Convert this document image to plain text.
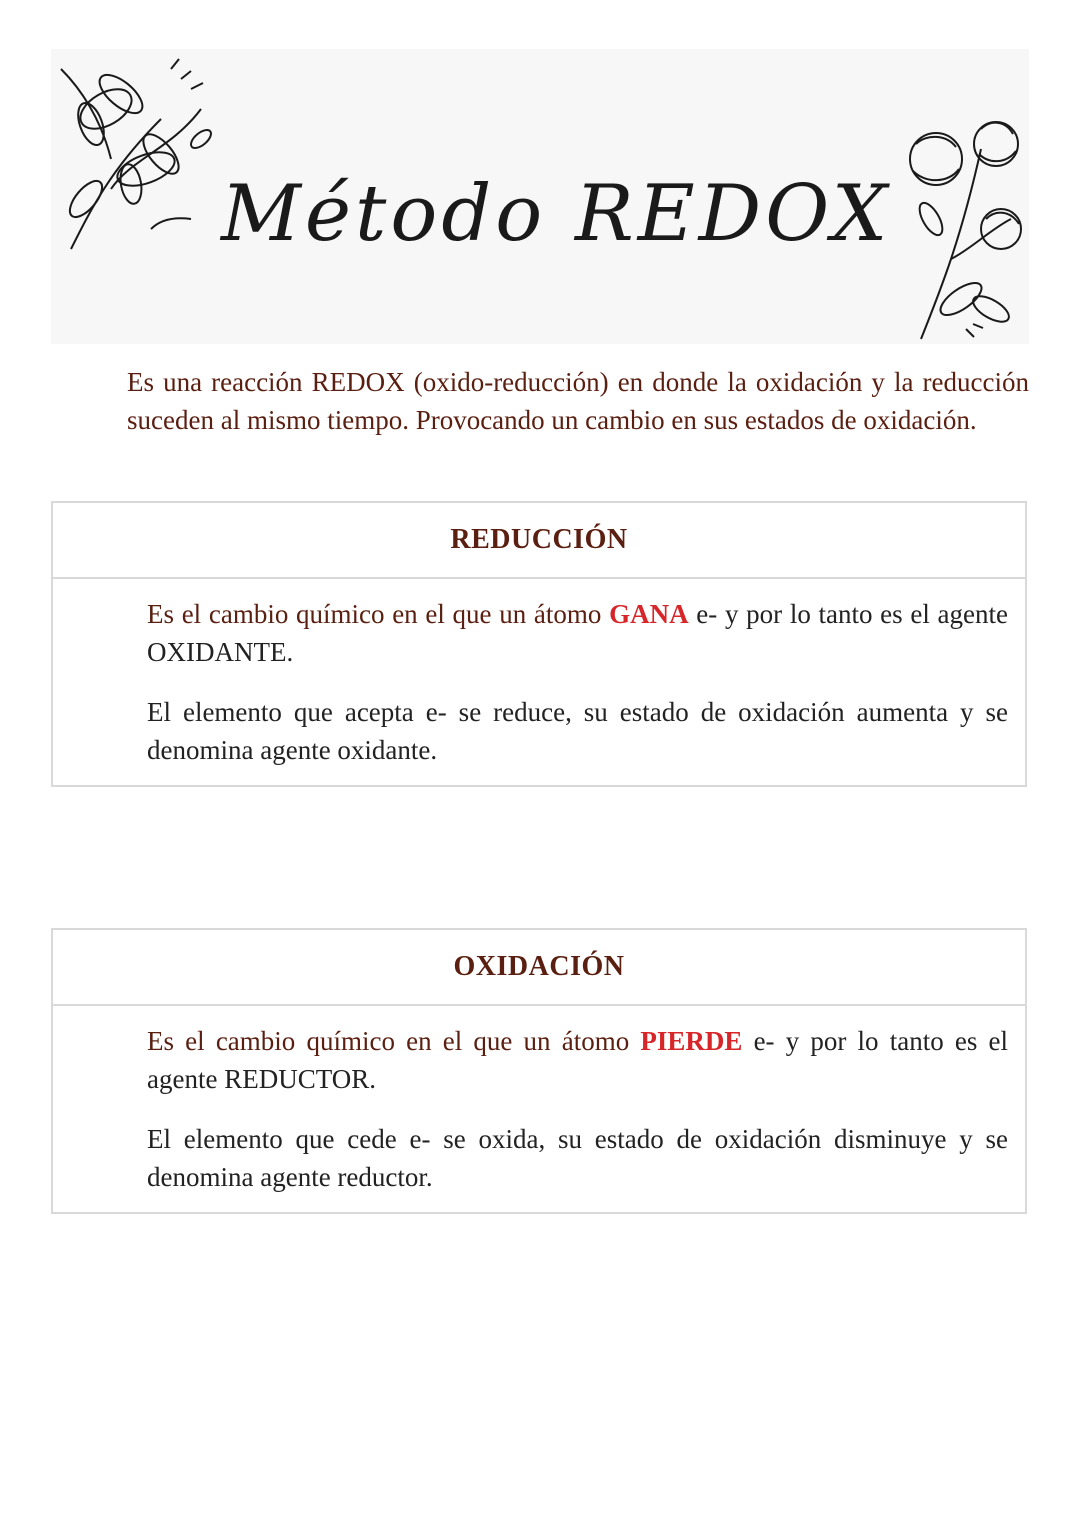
Método REDOX

Es una reacción REDOX (oxido-reducción) en donde la oxidación y la reducción suceden al mismo tiempo. Provocando un cambio en sus estados de oxidación.

REDUCCIÓN

Es el cambio químico en el que un átomo GANA e- y por lo tanto es el agente OXIDANTE.

El elemento que acepta e- se reduce, su estado de oxidación aumenta y se denomina agente oxidante.

OXIDACIÓN

Es el cambio químico en el que un átomo PIERDE e- y por lo tanto es el agente REDUCTOR.

El elemento que cede e- se oxida, su estado de oxidación disminuye y se denomina agente reductor.
